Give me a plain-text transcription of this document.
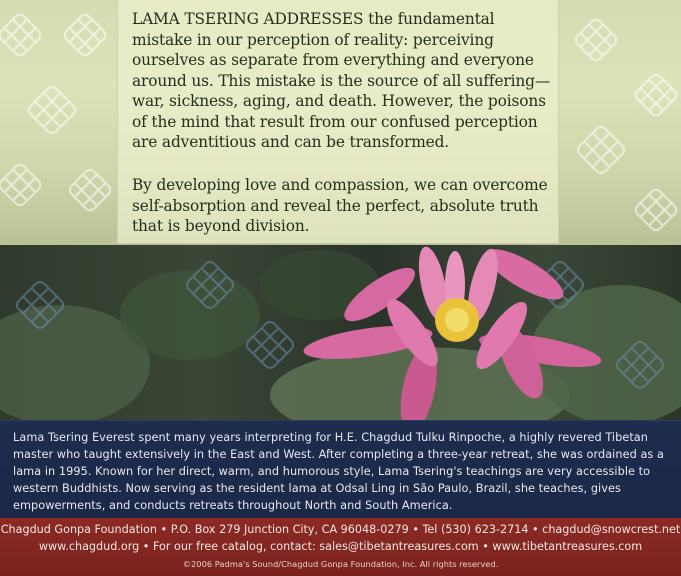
LAMA TSERING ADDRESSES the fundamental mistake in our perception of reality: perceiving ourselves as separate from everything and everyone around us. This mistake is the source of all suffering—war, sickness, aging, and death. However, the poisons of the mind that result from our confused perception are adventitious and can be transformed.

By developing love and compassion, we can overcome self-absorption and reveal the perfect, absolute truth that is beyond division.

Lama Tsering Everest spent many years interpreting for H.E. Chagdud Tulku Rinpoche, a highly revered Tibetan master who taught extensively in the East and West. After completing a three-year retreat, she was ordained as a lama in 1995. Known for her direct, warm, and humorous style, Lama Tsering's teachings are very accessible to western Buddhists. Now serving as the resident lama at Odsal Ling in São Paulo, Brazil, she teaches, gives empowerments, and conducts retreats throughout North and South America.

Chagdud Gonpa Foundation • P.O. Box 279 Junction City, CA 96048-0279 • Tel (530) 623-2714 • chagdud@snowcrest.net
www.chagdud.org • For our free catalog, contact: sales@tibetantreasures.com • www.tibetantreasures.com
©2006 Padma's Sound/Chagdud Gonpa Foundation, Inc. All rights reserved.
